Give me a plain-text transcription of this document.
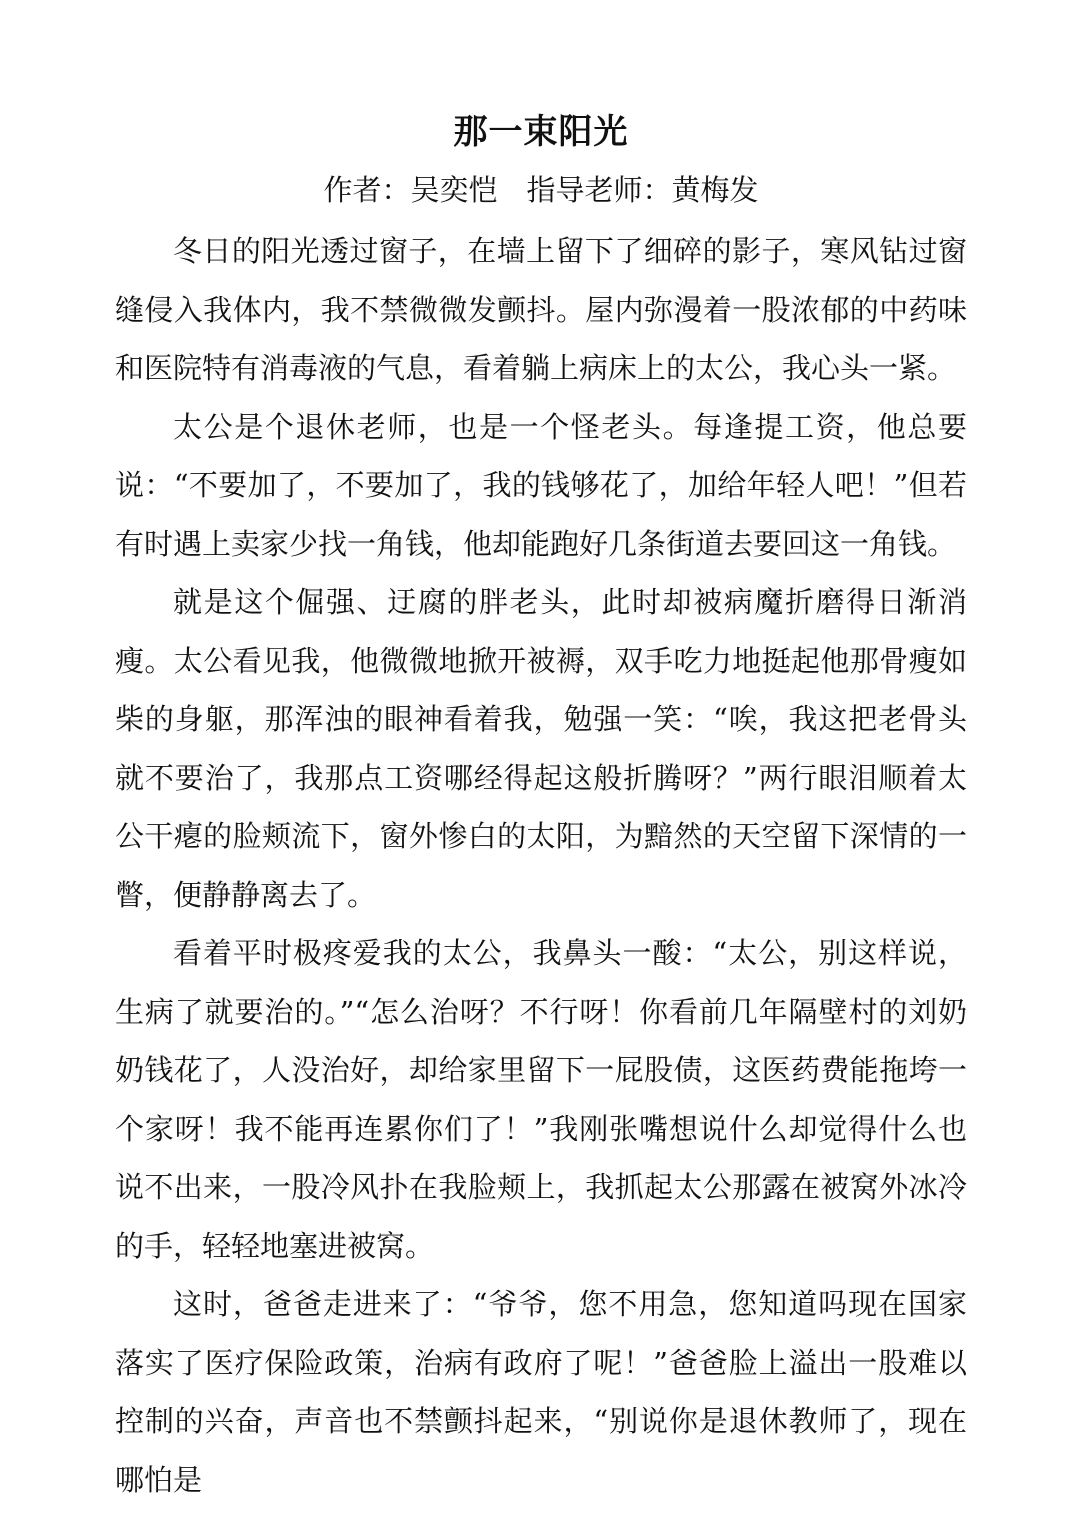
那一束阳光

作者：吴奕恺　指导老师：黄梅发

冬日的阳光透过窗子，在墙上留下了细碎的影子，寒风钻过窗缝侵入我体内，我不禁微微发颤抖。屋内弥漫着一股浓郁的中药味和医院特有消毒液的气息，看着躺上病床上的太公，我心头一紧。

太公是个退休老师，也是一个怪老头。每逢提工资，他总要说：“不要加了，不要加了，我的钱够花了，加给年轻人吧！”但若有时遇上卖家少找一角钱，他却能跑好几条街道去要回这一角钱。

就是这个倔强、迂腐的胖老头，此时却被病魔折磨得日渐消瘦。太公看见我，他微微地掀开被褥，双手吃力地挺起他那骨瘦如柴的身躯，那浑浊的眼神看着我，勉强一笑：“唉，我这把老骨头就不要治了，我那点工资哪经得起这般折腾呀？”两行眼泪顺着太公干瘪的脸颊流下，窗外惨白的太阳，为黯然的天空留下深情的一瞥，便静静离去了。

看着平时极疼爱我的太公，我鼻头一酸：“太公，别这样说，生病了就要治的。”“怎么治呀？不行呀！你看前几年隔壁村的刘奶奶钱花了，人没治好，却给家里留下一屁股债，这医药费能拖垮一个家呀！我不能再连累你们了！”我刚张嘴想说什么却觉得什么也说不出来，一股冷风扑在我脸颊上，我抓起太公那露在被窝外冰冷的手，轻轻地塞进被窝。

这时，爸爸走进来了：“爷爷，您不用急，您知道吗现在国家落实了医疗保险政策，治病有政府了呢！”爸爸脸上溢出一股难以控制的兴奋，声音也不禁颤抖起来，“别说你是退休教师了，现在哪怕是
